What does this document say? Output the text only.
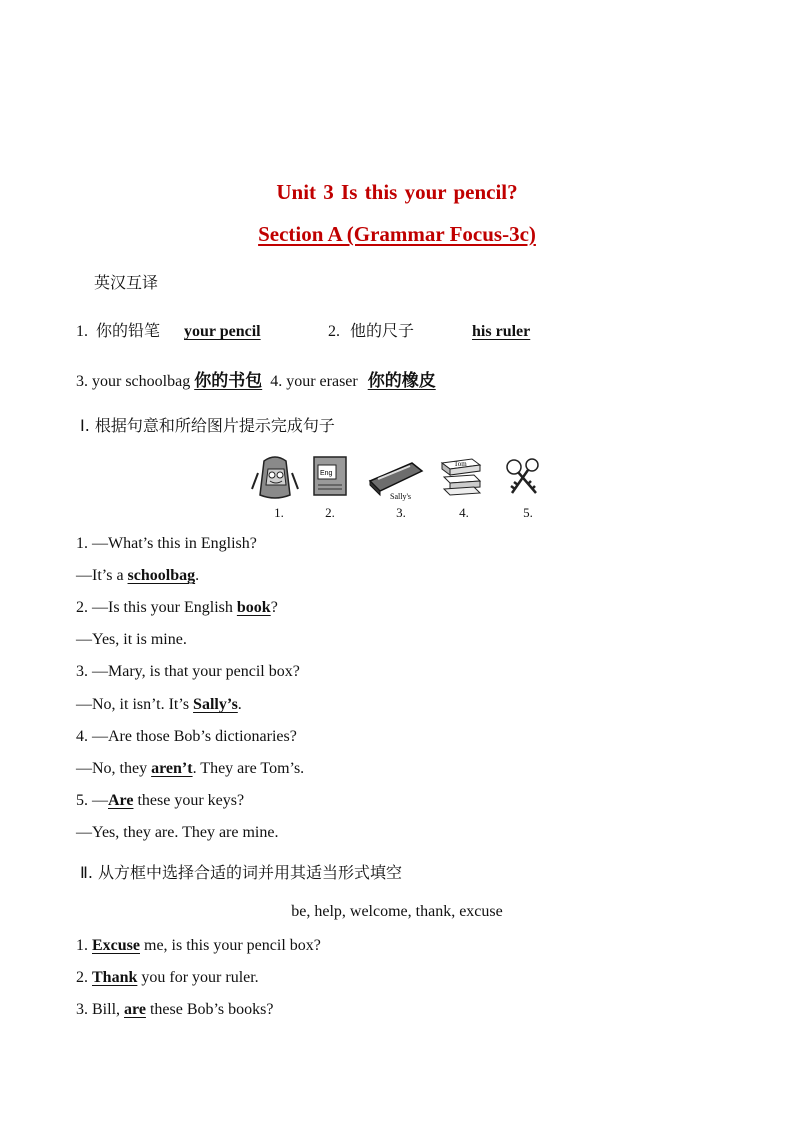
Unit 3 Is this your pencil?
Section A (Grammar Focus-3c)
英汉互译
1. 你的铅笔 your pencil	2. 他的尺子	his ruler
3. your schoolbag 你的书包 4. your eraser 你的橡皮
Ⅰ. 根据句意和所给图片提示完成句子
Eng
Sally's
Tom
1.	2.	3.	4.	5.
1. —What’s this in English?
—It’s a schoolbag.
2. —Is this your English book?
—Yes, it is mine.
3. —Mary, is that your pencil box?
—No, it isn’t. It’s Sally’s.
4. —Are those Bob’s dictionaries?
—No, they aren’t. They are Tom’s.
5. —Are these your keys?
—Yes, they are. They are mine.
Ⅱ. 从方框中选择合适的词并用其适当形式填空
be, help, welcome, thank, excuse
1. Excuse me, is this your pencil box?
2. Thank you for your ruler.
3. Bill, are these Bob’s books?
